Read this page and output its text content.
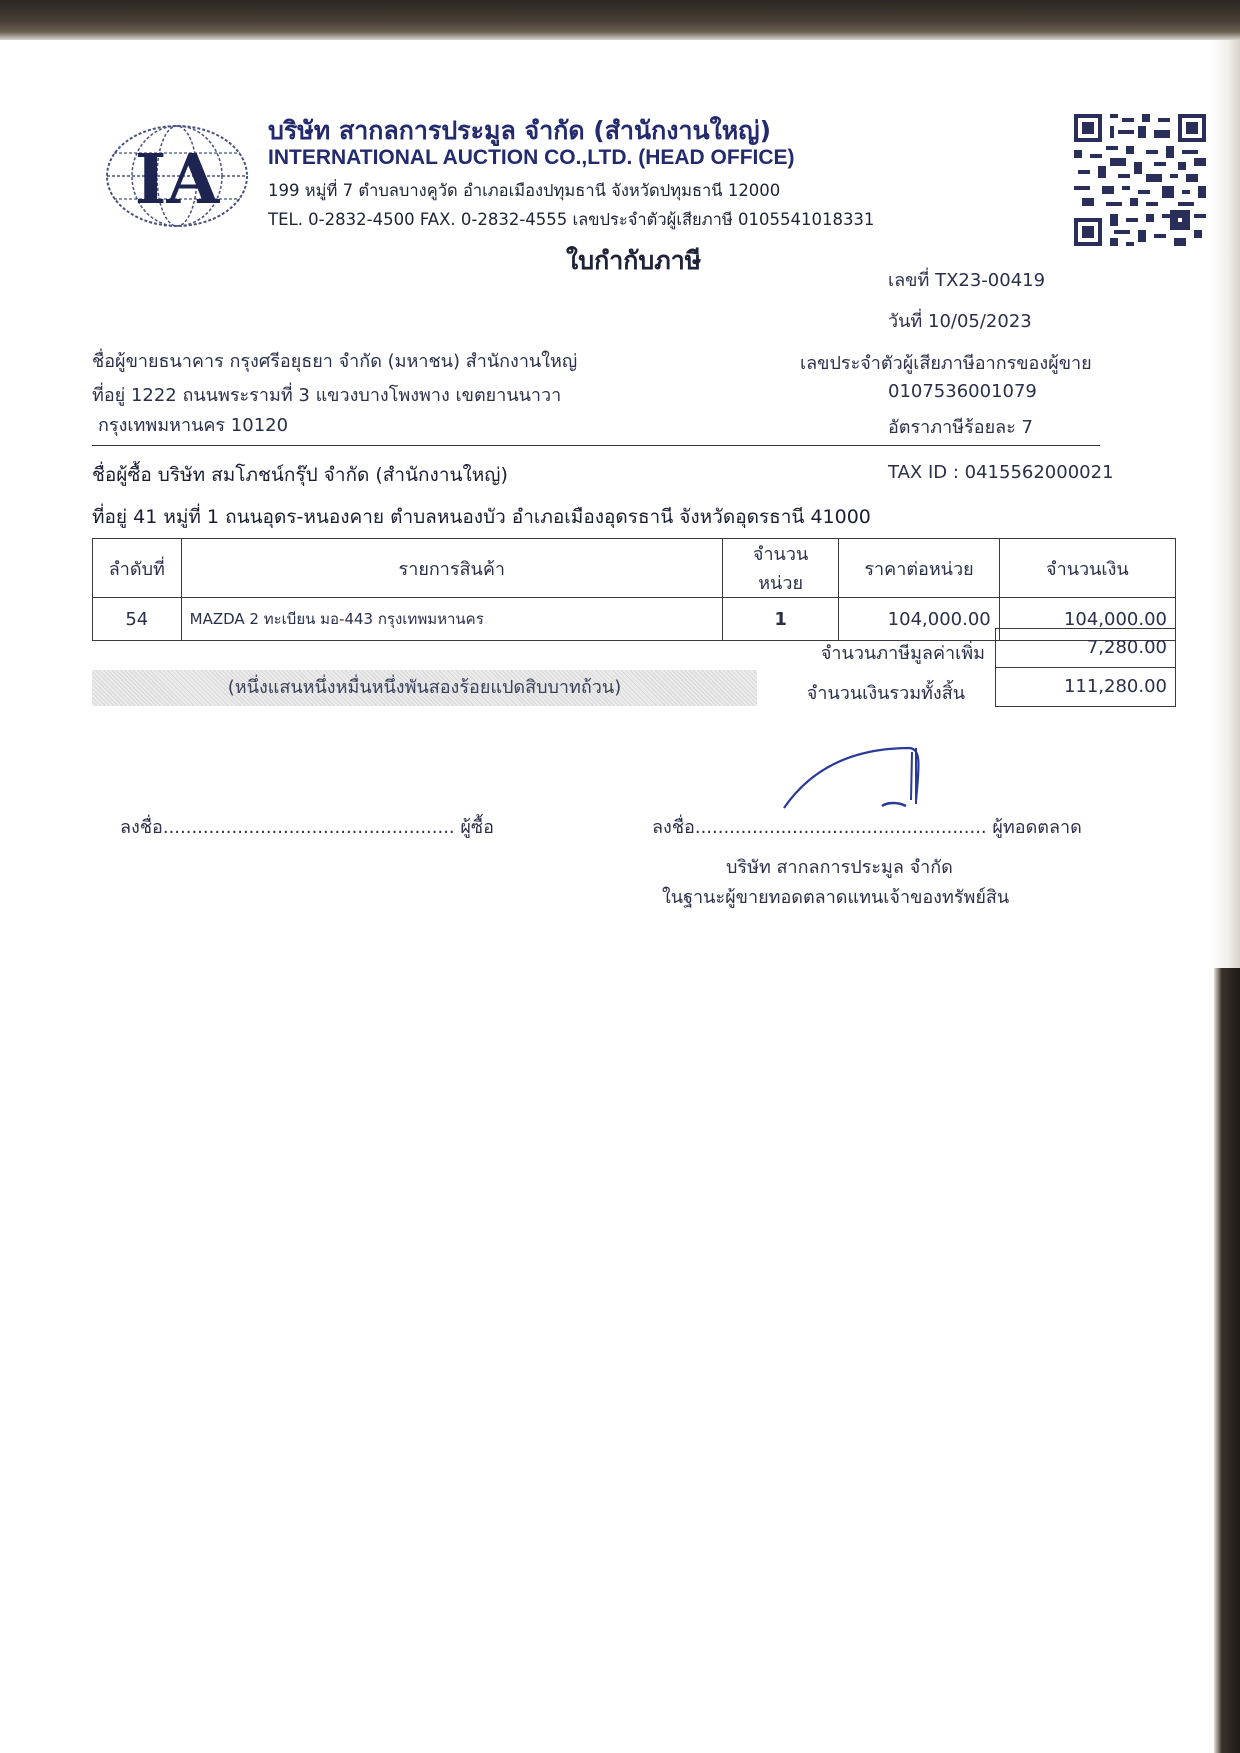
IA
บริษัท สากลการประมูล จำกัด (สำนักงานใหญ่)
INTERNATIONAL AUCTION CO.,LTD. (HEAD OFFICE)
199 หมู่ที่ 7 ตำบลบางคูวัด อำเภอเมืองปทุมธานี จังหวัดปทุมธานี 12000
TEL. 0-2832-4500 FAX. 0-2832-4555 เลขประจำตัวผู้เสียภาษี 0105541018331
ใบกำกับภาษี
เลขที่ TX23-00419
วันที่ 10/05/2023
ชื่อผู้ขายธนาคาร กรุงศรีอยุธยา จำกัด (มหาชน) สำนักงานใหญ่
ที่อยู่ 1222 ถนนพระรามที่ 3 แขวงบางโพงพาง เขตยานนาวา
กรุงเทพมหานคร 10120
เลขประจำตัวผู้เสียภาษีอากรของผู้ขาย
0107536001079
อัตราภาษีร้อยละ 7
ชื่อผู้ซื้อ บริษัท สมโภชน์กรุ๊ป จำกัด (สำนักงานใหญ่)	TAX ID : 0415562000021
ที่อยู่ 41 หมู่ที่ 1 ถนนอุดร-หนองคาย ตำบลหนองบัว อำเภอเมืองอุดรธานี จังหวัดอุดรธานี 41000
ลำดับที่	รายการสินค้า	จำนวนหน่วย	ราคาต่อหน่วย	จำนวนเงิน
54	MAZDA 2 ทะเบียน มอ-443 กรุงเทพมหานคร	1	104,000.00	104,000.00
จำนวนภาษีมูลค่าเพิ่ม	7,280.00
จำนวนเงินรวมทั้งสิ้น	111,280.00
(หนึ่งแสนหนึ่งหมื่นหนึ่งพันสองร้อยแปดสิบบาทถ้วน)
ลงชื่อ................................................... ผู้ซื้อ	ลงชื่อ................................................... ผู้ทอดตลาด
บริษัท สากลการประมูล จำกัด
ในฐานะผู้ขายทอดตลาดแทนเจ้าของทรัพย์สิน
